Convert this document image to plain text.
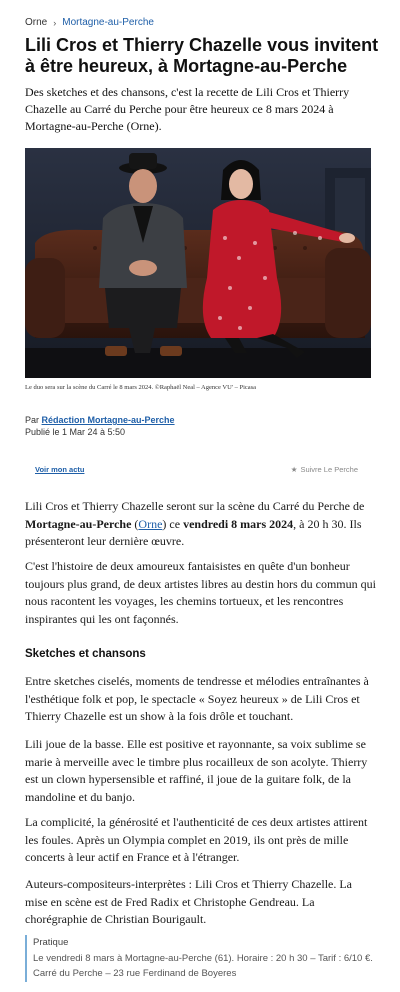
Orne › Mortagne-au-Perche
Lili Cros et Thierry Chazelle vous invitent à être heureux, à Mortagne-au-Perche

Des sketches et des chansons, c'est la recette de Lili Cros et Thierry Chazelle au Carré du Perche pour être heureux ce 8 mars 2024 à Mortagne-au-Perche (Orne).

Le duo sera sur la scène du Carré le 8 mars 2024. ©Raphaël Neal – Agence VU' – Picasa

Par Rédaction Mortagne-au-Perche
Publié le 1 Mar 24 à 5:50
Voir mon actu	★ Suivre Le Perche

Lili Cros et Thierry Chazelle seront sur la scène du Carré du Perche de Mortagne-au-Perche (Orne) ce vendredi 8 mars 2024, à 20 h 30. Ils présenteront leur dernière œuvre.

C'est l'histoire de deux amoureux fantaisistes en quête d'un bonheur toujours plus grand, de deux artistes libres au destin hors du commun qui nous racontent les voyages, les chemins tortueux, et les rencontres inspirantes qui les ont façonnés.

Sketches et chansons

Entre sketches ciselés, moments de tendresse et mélodies entraînantes à l'esthétique folk et pop, le spectacle « Soyez heureux » de Lili Cros et Thierry Chazelle est un show à la fois drôle et touchant.

Lili joue de la basse. Elle est positive et rayonnante, sa voix sublime se marie à merveille avec le timbre plus rocailleux de son acolyte. Thierry est un clown hypersensible et raffiné, il joue de la guitare folk, de la mandoline et du banjo.

La complicité, la générosité et l'authenticité de ces deux artistes attirent les foules. Après un Olympia complet en 2019, ils ont près de mille concerts à leur actif en France et à l'étranger.

Auteurs-compositeurs-interprètes : Lili Cros et Thierry Chazelle. La mise en scène est de Fred Radix et Christophe Gendreau. La chorégraphie de Christian Bourigault.

Pratique
Le vendredi 8 mars à Mortagne-au-Perche (61). Horaire : 20 h 30 – Tarif : 6/10 €. Carré du Perche – 23 rue Ferdinand de Boyeres
